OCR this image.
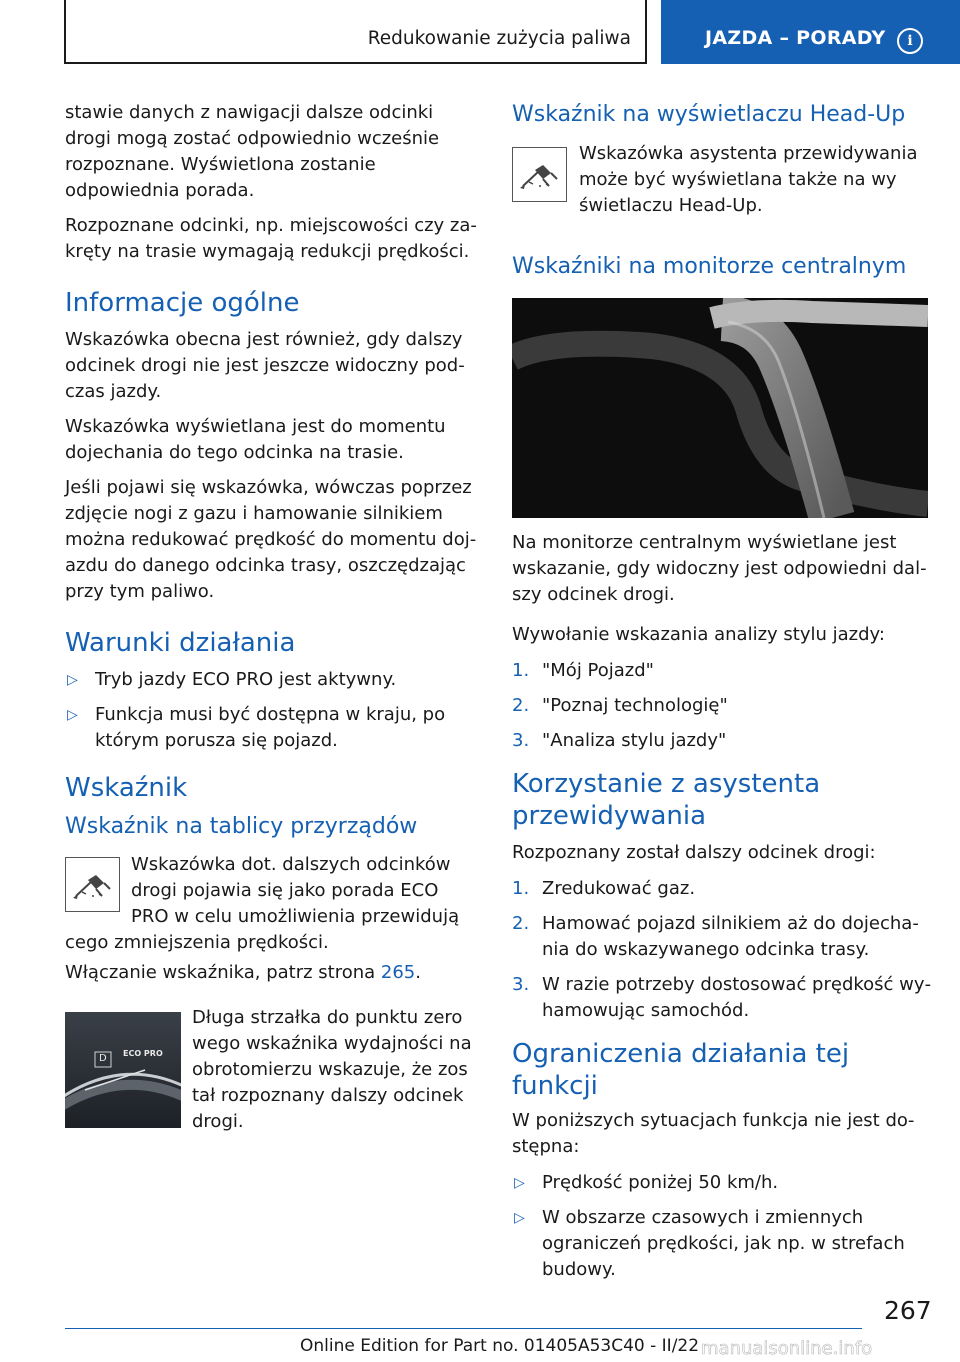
Redukowanie zużycia paliwa	JAZDA – PORADY	i

stawie danych z nawigacji dalsze odcinki drogi mogą zostać odpowiednio wcześnie rozpoznane. Wyświetlona zostanie odpowiednia porada.

Rozpoznane odcinki, np. miejscowości czy zakręty na trasie wymagają redukcji prędkości.

Informacje ogólne

Wskazówka obecna jest również, gdy dalszy odcinek drogi nie jest jeszcze widoczny podczas jazdy.

Wskazówka wyświetlana jest do momentu dojechania do tego odcinka na trasie.

Jeśli pojawi się wskazówka, wówczas poprzez zdjęcie nogi z gazu i hamowanie silnikiem można redukować prędkość do momentu dojazdu do danego odcinka trasy, oszczędzając przy tym paliwo.

Warunki działania
▷ Tryb jazdy ECO PRO jest aktywny.
▷ Funkcja musi być dostępna w kraju, po którym porusza się pojazd.
Wskaźnik
Wskaźnik na tablicy przyrządów

Wskazówka dot. dalszych odcinków

drogi pojawia się jako porada ECO

PRO w celu umożliwienia przewidują

cego zmniejszenia prędkości.

Włączanie wskaźnika, patrz strona 265.

D ECO PRO

Długa strzałka do punktu zero

wego wskaźnika wydajności na

obrotomierzu wskazuje, że zos

tał rozpoznany dalszy odcinek

drogi.

Wskaźnik na wyświetlaczu Head-Up

Wskazówka asystenta przewidywania

może być wyświetlana także na wy

świetlaczu Head-Up.

Wskaźniki na monitorze centralnym

Na monitorze centralnym wyświetlane jest wskazanie, gdy widoczny jest odpowiedni dalszy odcinek drogi.

Wywołanie wskazania analizy stylu jazdy:

1. "Mój Pojazd"
2. "Poznaj technologię"
3. "Analiza stylu jazdy"
Korzystanie z asystenta
przewidywania

Rozpoznany został dalszy odcinek drogi:

1. Zredukować gaz.
2. Hamować pojazd silnikiem aż do dojechania do wskazywanego odcinka trasy.
3. W razie potrzeby dostosować prędkość wyhamowując samochód.
Ograniczenia działania tej funkcji

W poniższych sytuacjach funkcja nie jest dostępna:

▷ Prędkość poniżej 50 km/h.
▷ W obszarze czasowych i zmiennych ograniczeń prędkości, jak np. w strefach budowy.
267
Online Edition for Part no. 01405A53C40 - II/22 manualsonline.info
